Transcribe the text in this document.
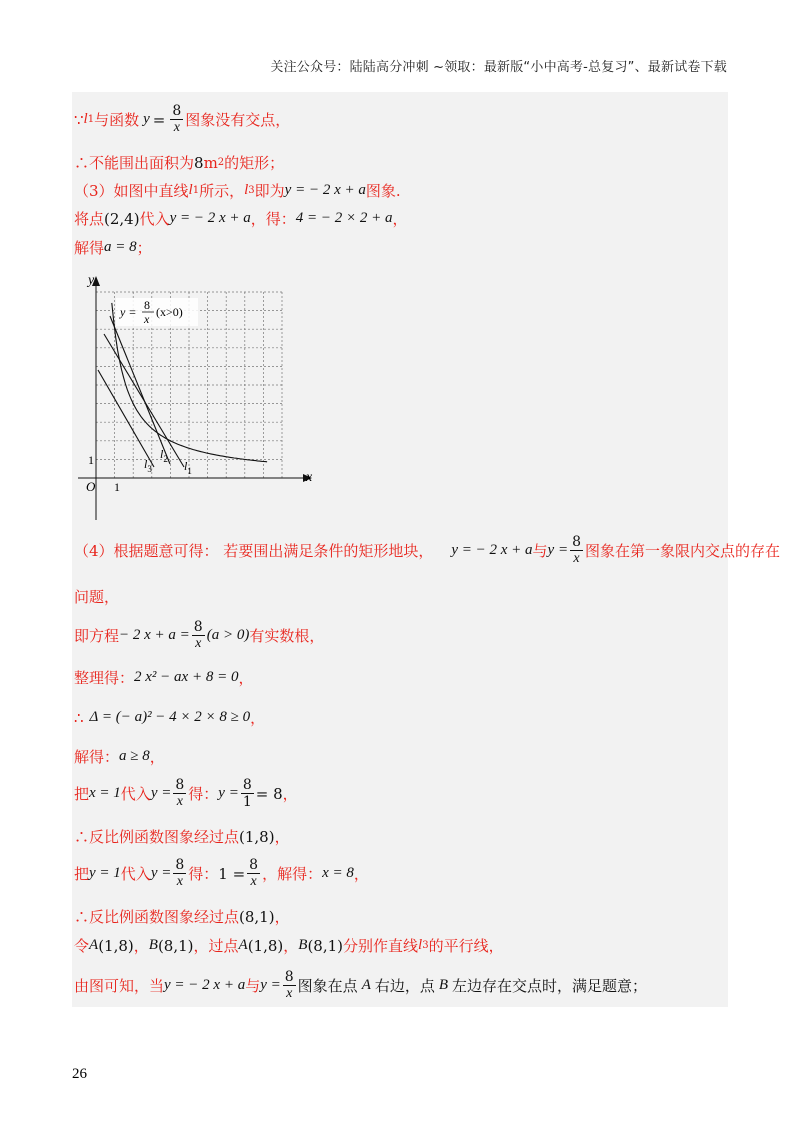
关注公众号：陆陆高分冲刺 ~领取：最新版“小中高考-总复习”、最新试卷下载
∵ l 1 与函数 $y = \frac{8}{x}$ 图象没有交点，
∴不能围出面积为 8 m 2 的矩形；
（3）如图中直线 l 1 所示， l 3 即为 y = − 2 x + a 图象.
将点 (2,4) 代入 y = − 2 x + a ，得： 4 = − 2 × 2 + a ，
解得 a = 8 ；
y
x
O 1
1
y = 8
x (x>0)
$l_3$
$l_2$ $l_1$
（4）根据题意可得： 若要围出满足条件的矩形地块， y = − 2 x + a 与 $y = \frac{8}{x}$ 图象在第一象限内交点的存在
问题，
即方程 − 2 $x + a = \frac{8}{x} (a > 0)$ 有实数根，
整理得： 2 x² − ax + 8 = 0 ，
∴ Δ = (− a)² − 4 × 2 × 8 ≥ 0 ，
解得： a ≥ 8 ，
把 x = 1 代入 $y = \frac{8}{x}$ 得： $y = \frac{8}{1} = 8$ ，
∴反比例函数图象经过点 (1,8) ，
把 y = 1 代入 $y = \frac{8}{x}$ 得： $1 = \frac{8}{x}$ ，解得： x = 8 ，
∴反比例函数图象经过点 (8,1) ，
令 A (1,8) ， B (8,1) ，过点 A (1,8) ， B (8,1) 分别作直线 l 3 的平行线，
由图可知，当 y = − 2 x + a 与 $y = \frac{8}{x}$ 图象在点 A 右边，点 B 左边存在交点时，满足题意；
26
